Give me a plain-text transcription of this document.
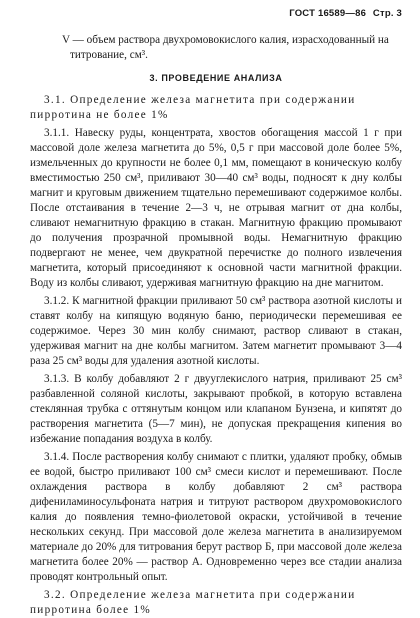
ГОСТ 16589—86 Стр. 3
V — объем раствора двухромовокислого калия, израсходованный на титрование, см³.
3. ПРОВЕДЕНИЕ АНАЛИЗА
3.1. Определение железа магнетита при содержании пирротина не более 1%

3.1.1. Навеску руды, концентрата, хвостов обогащения массой 1 г при массовой доле железа магнетита до 5%, 0,5 г при массовой доле более 5%, измельченных до крупности не более 0,1 мм, помещают в коническую колбу вместимостью 250 см³, приливают 30—40 см³ воды, подносят к дну колбы магнит и круговым движением тщательно перемешивают содержимое колбы. После отстаивания в течение 2—3 ч, не отрывая магнит от дна колбы, сливают немагнитную фракцию в стакан. Магнитную фракцию промывают до получения прозрачной промывной воды. Немагнитную фракцию подвергают не менее, чем двукратной перечистке до полного извлечения магнетита, который присоединяют к основной части магнитной фракции. Воду из колбы сливают, удерживая магнитную фракцию на дне магнитом.

3.1.2. К магнитной фракции приливают 50 см³ раствора азотной кислоты и ставят колбу на кипящую водяную баню, периодически перемешивая ее содержимое. Через 30 мин колбу снимают, раствор сливают в стакан, удерживая магнит на дне колбы магнитом. Затем магнетит промывают 3—4 раза 25 см³ воды для удаления азотной кислоты.

3.1.3. В колбу добавляют 2 г двууглекислого натрия, приливают 25 см³ разбавленной соляной кислоты, закрывают пробкой, в которую вставлена стеклянная трубка с оттянутым концом или клапаном Бунзена, и кипятят до растворения магнетита (5—7 мин), не допуская прекращения кипения во избежание попадания воздуха в колбу.

3.1.4. После растворения колбу снимают с плитки, удаляют пробку, обмыв ее водой, быстро приливают 100 см³ смеси кислот и перемешивают. После охлаждения раствора в колбу добавляют 2 см³ раствора дифениламиносульфоната натрия и титруют раствором двухромовокислого калия до появления темно-фиолетовой окраски, устойчивой в течение нескольких секунд. При массовой доле железа магнетита в анализируемом материале до 20% для титрования берут раствор Б, при массовой доле железа магнетита более 20% — раствор А. Одновременно через все стадии анализа проводят контрольный опыт.

3.2. Определение железа магнетита при содержании пирротина более 1%
